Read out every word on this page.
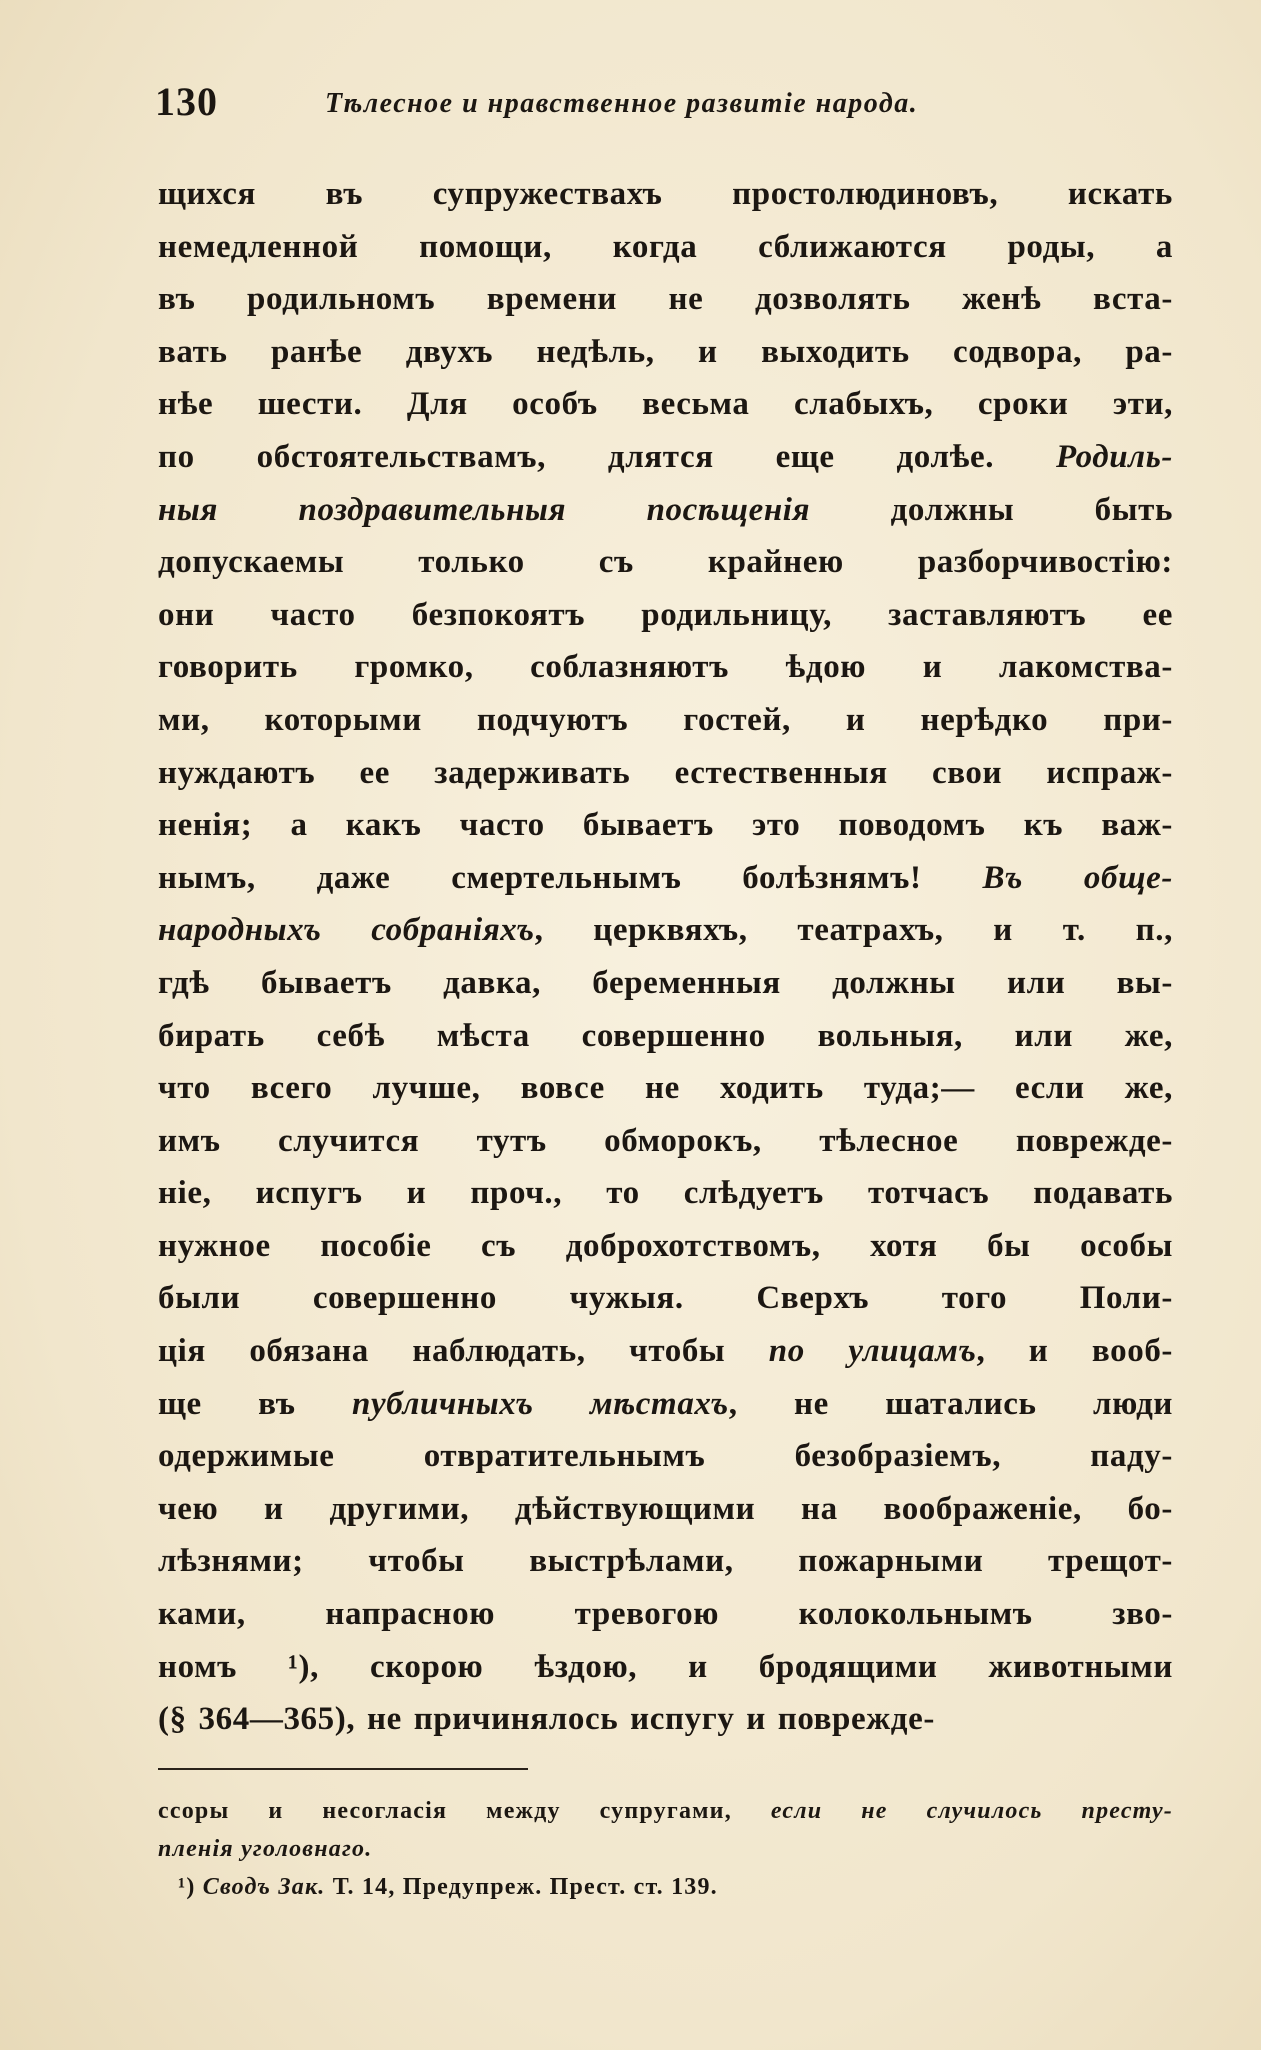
130	Тѣлесное и нравственное развитіе народа.
щихся въ супружествахъ простолюдиновъ, искать
немедленной помощи, когда сближаются роды, а
въ родильномъ времени не дозволять женѣ вста-
вать ранѣе двухъ недѣль, и выходить содвора, ра-
нѣе шести. Для особъ весьма слабыхъ, сроки эти,
по обстоятельствамъ, длятся еще долѣе. Родиль-
ныя поздравительныя посѣщенія должны быть
допускаемы только съ крайнею разборчивостію:
они часто безпокоятъ родильницу, заставляютъ ее
говорить громко, соблазняютъ ѣдою и лакомства-
ми, которыми подчуютъ гостей, и нерѣдко при-
нуждаютъ ее задерживать естественныя свои испраж-
ненія; а какъ часто бываетъ это поводомъ къ важ-
нымъ, даже смертельнымъ болѣзнямъ! Въ обще-
народныхъ собраніяхъ, церквяхъ, театрахъ, и т. п.,
гдѣ бываетъ давка, беременныя должны или вы-
бирать себѣ мѣста совершенно вольныя, или же,
что всего лучше, вовсе не ходить туда;— если же,
имъ случится тутъ обморокъ, тѣлесное поврежде-
ніе, испугъ и проч., то слѣдуетъ тотчасъ подавать
нужное пособіе съ доброхотствомъ, хотя бы особы
были совершенно чужыя. Сверхъ того Поли-
ція обязана наблюдать, чтобы по улицамъ, и вооб-
ще въ публичныхъ мѣстахъ, не шатались люди
одержимые отвратительнымъ безобразіемъ, паду-
чею и другими, дѣйствующими на воображеніе, бо-
лѣзнями; чтобы выстрѣлами, пожарными трещот-
ками, напрасною тревогою колокольнымъ зво-
номъ ¹), скорою ѣздою, и бродящими животными
(§ 364—365), не причинялось испугу и поврежде-
ссоры и несогласія между супругами, если не случилось престу-
пленія уголовнаго.
¹) Сводъ Зак. Т. 14, Предупреж. Прест. ст. 139.
